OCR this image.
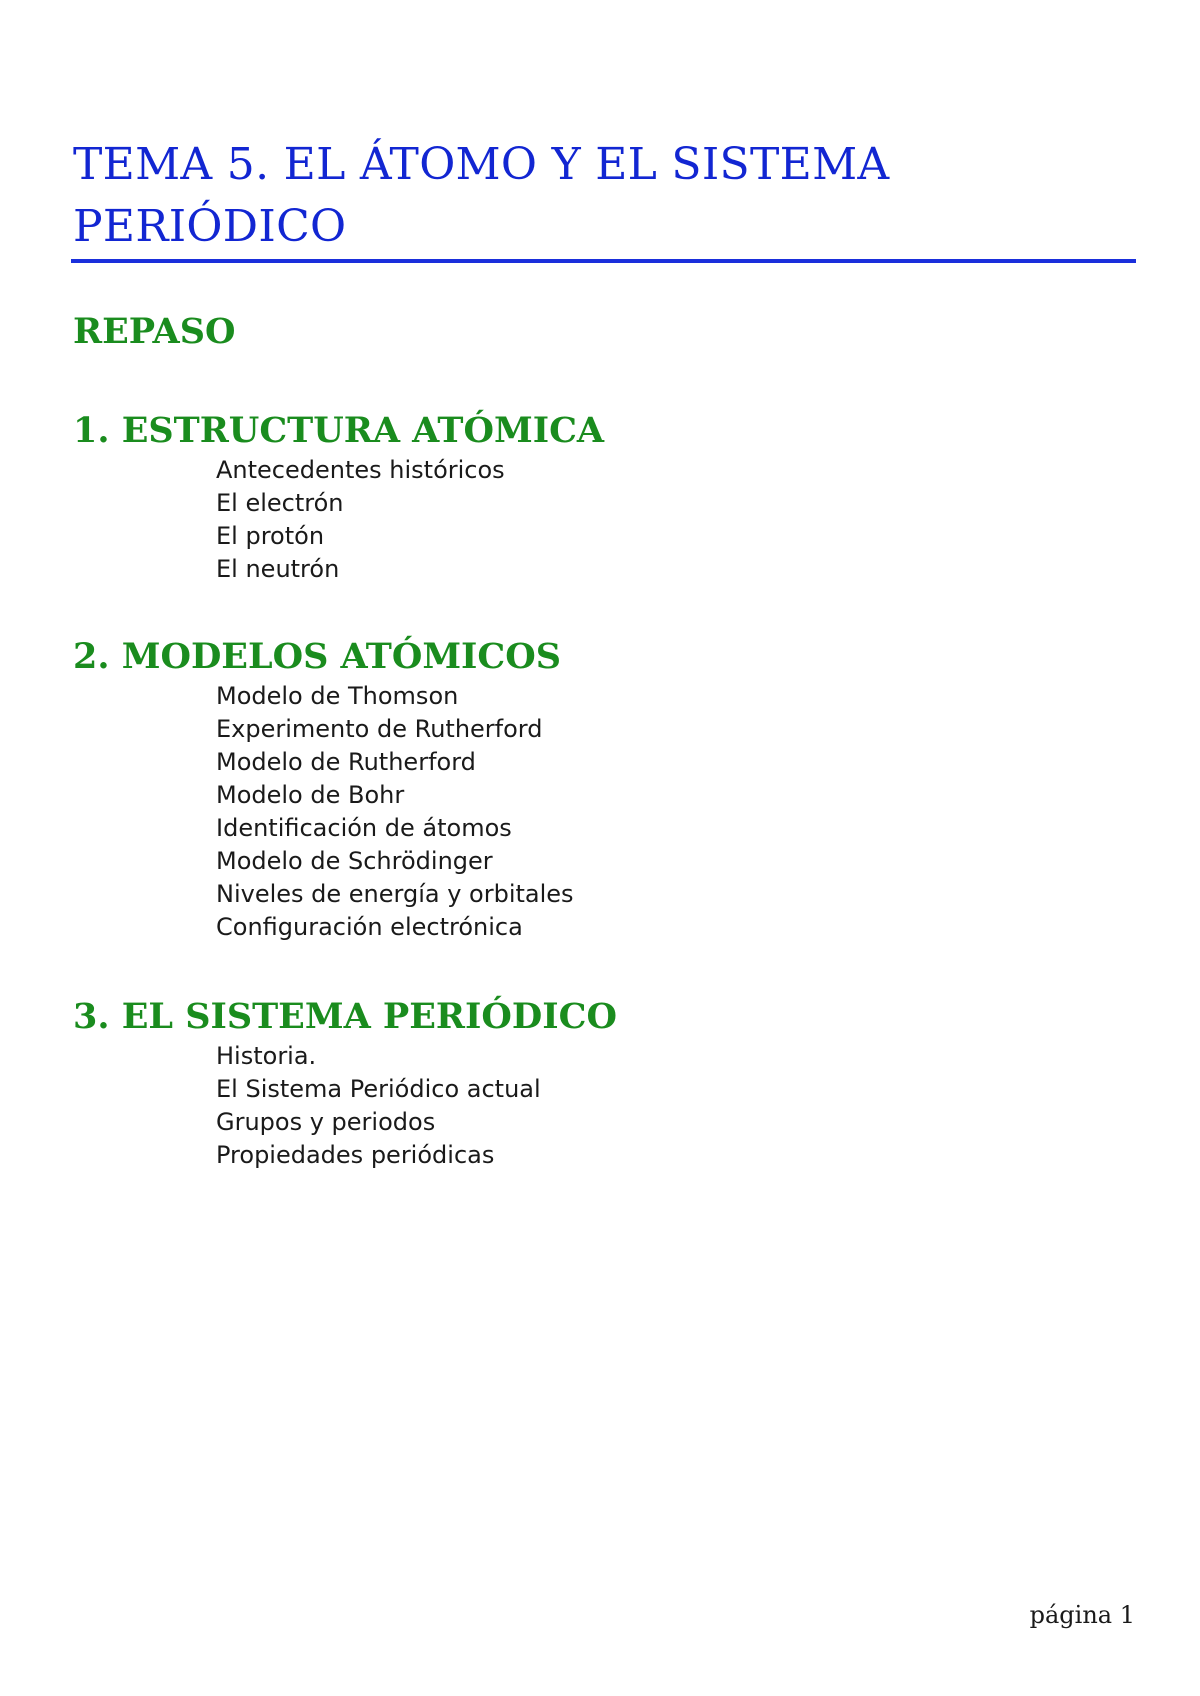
TEMA 5. EL ÁTOMO Y EL SISTEMA
PERIÓDICO
REPASO
1. ESTRUCTURA ATÓMICA
Antecedentes históricos
El electrón
El protón
El neutrón
2. MODELOS ATÓMICOS
Modelo de Thomson
Experimento de Rutherford
Modelo de Rutherford
Modelo de Bohr
Identificación de átomos
Modelo de Schrödinger
Niveles de energía y orbitales
Configuración electrónica
3. EL SISTEMA PERIÓDICO
Historia.
El Sistema Periódico actual
Grupos y periodos
Propiedades periódicas
página 1
